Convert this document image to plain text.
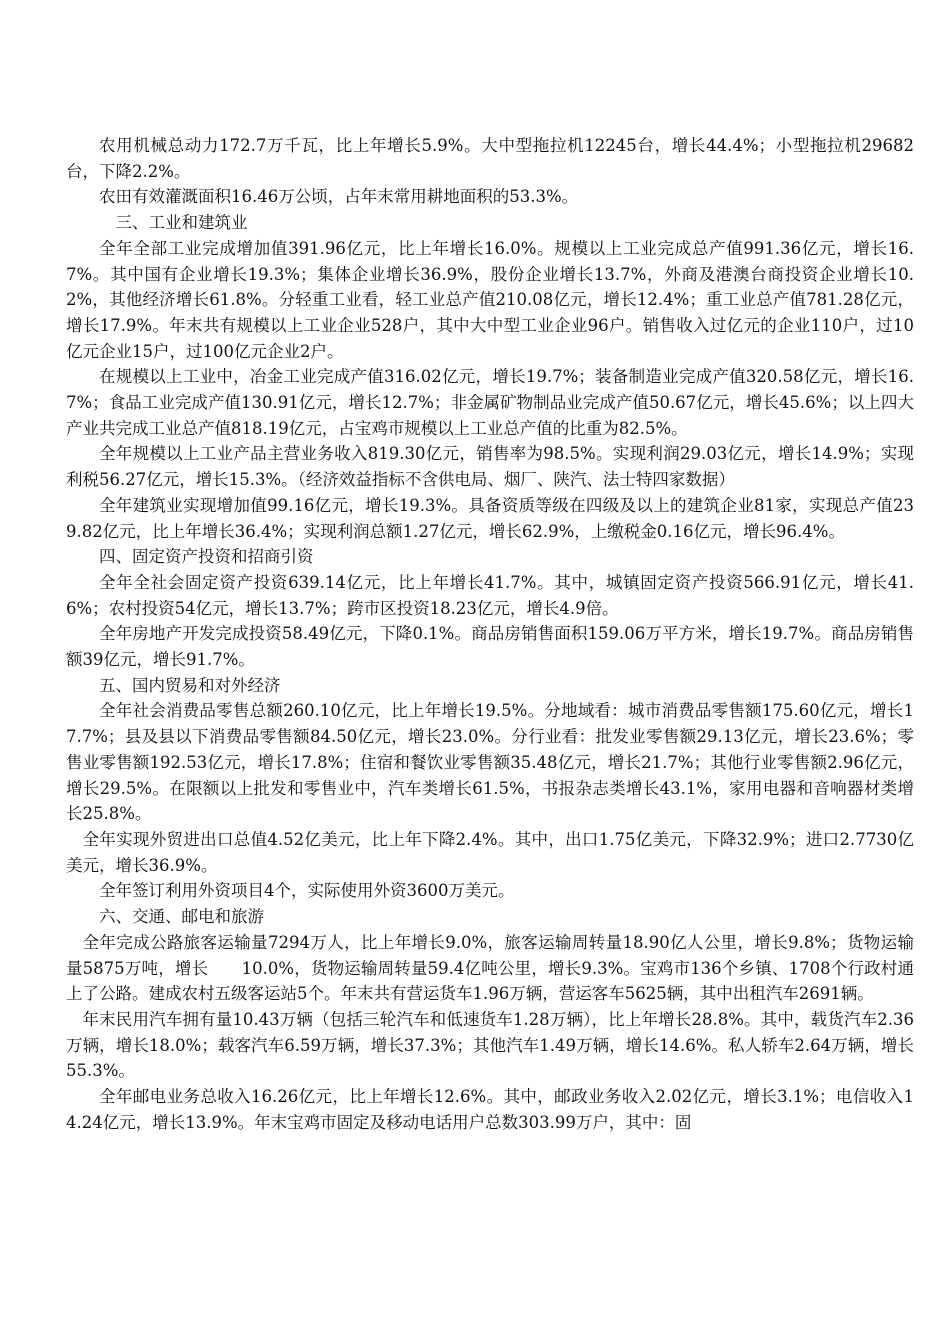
农用机械总动力172.7万千瓦，比上年增长5.9%。大中型拖拉机12245台，增长44.4%；小型拖拉机29682台，下降2.2%。

农田有效灌溉面积16.46万公顷，占年末常用耕地面积的53.3%。

三、工业和建筑业

全年全部工业完成增加值391.96亿元，比上年增长16.0%。规模以上工业完成总产值991.36亿元，增长16.7%。其中国有企业增长19.3%；集体企业增长36.9%，股份企业增长13.7%，外商及港澳台商投资企业增长10.2%，其他经济增长61.8%。分轻重工业看，轻工业总产值210.08亿元，增长12.4%；重工业总产值781.28亿元，增长17.9%。年末共有规模以上工业企业528户，其中大中型工业企业96户。销售收入过亿元的企业110户，过10亿元企业15户，过100亿元企业2户。

在规模以上工业中，冶金工业完成产值316.02亿元，增长19.7%；装备制造业完成产值320.58亿元，增长16.7%；食品工业完成产值130.91亿元，增长12.7%；非金属矿物制品业完成产值50.67亿元，增长45.6%；以上四大产业共完成工业总产值818.19亿元，占宝鸡市规模以上工业总产值的比重为82.5%。

全年规模以上工业产品主营业务收入819.30亿元，销售率为98.5%。实现利润29.03亿元，增长14.9%；实现利税56.27亿元，增长15.3%。（经济效益指标不含供电局、烟厂、陕汽、法士特四家数据）

全年建筑业实现增加值99.16亿元，增长19.3%。具备资质等级在四级及以上的建筑企业81家，实现总产值239.82亿元，比上年增长36.4%；实现利润总额1.27亿元，增长62.9%，上缴税金0.16亿元，增长96.4%。

四、固定资产投资和招商引资

全年全社会固定资产投资639.14亿元，比上年增长41.7%。其中，城镇固定资产投资566.91亿元，增长41.6%；农村投资54亿元，增长13.7%；跨市区投资18.23亿元，增长4.9倍。

全年房地产开发完成投资58.49亿元，下降0.1%。商品房销售面积159.06万平方米，增长19.7%。商品房销售额39亿元，增长91.7%。

五、国内贸易和对外经济

全年社会消费品零售总额260.10亿元，比上年增长19.5%。分地域看：城市消费品零售额175.60亿元，增长17.7%；县及县以下消费品零售额84.50亿元，增长23.0%。分行业看：批发业零售额29.13亿元，增长23.6%；零售业零售额192.53亿元，增长17.8%；住宿和餐饮业零售额35.48亿元，增长21.7%；其他行业零售额2.96亿元，增长29.5%。在限额以上批发和零售业中，汽车类增长61.5%，书报杂志类增长43.1%，家用电器和音响器材类增长25.8%。

全年实现外贸进出口总值4.52亿美元，比上年下降2.4%。其中，出口1.75亿美元，下降32.9%；进口2.7730亿美元，增长36.9%。

全年签订利用外资项目4个，实际使用外资3600万美元。

六、交通、邮电和旅游

全年完成公路旅客运输量7294万人，比上年增长9.0%，旅客运输周转量18.90亿人公里，增长9.8%；货物运输量5875万吨，增长　　10.0%，货物运输周转量59.4亿吨公里，增长9.3%。宝鸡市136个乡镇、1708个行政村通上了公路。建成农村五级客运站5个。年末共有营运货车1.96万辆，营运客车5625辆，其中出租汽车2691辆。

年末民用汽车拥有量10.43万辆（包括三轮汽车和低速货车1.28万辆），比上年增长28.8%。其中，载货汽车2.36万辆，增长18.0%；载客汽车6.59万辆，增长37.3%；其他汽车1.49万辆，增长14.6%。私人轿车2.64万辆，增长55.3%。

全年邮电业务总收入16.26亿元，比上年增长12.6%。其中，邮政业务收入2.02亿元，增长3.1%；电信收入14.24亿元，增长13.9%。年末宝鸡市固定及移动电话用户总数303.99万户，其中：固
